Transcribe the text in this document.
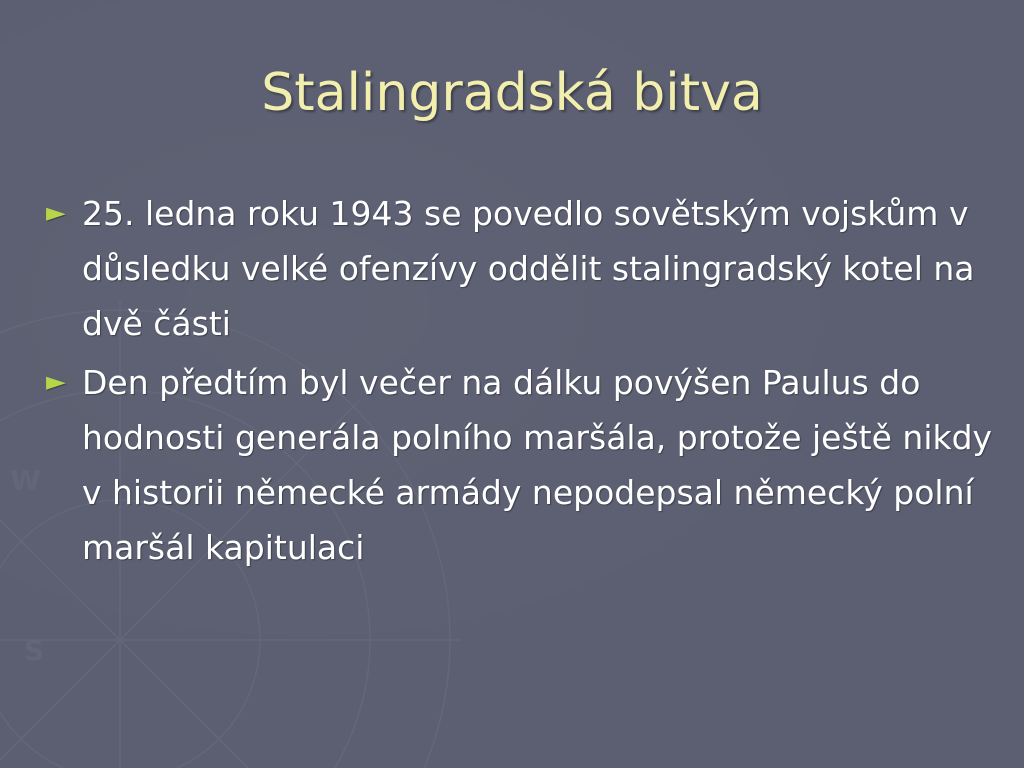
S
W
Stalingradská bitva
► 25. ledna roku 1943 se povedlo sovětským vojskům v důsledku velké ofenzívy oddělit stalingradský kotel na dvě části
► Den předtím byl večer na dálku povýšen Paulus do hodnosti generála polního maršála, protože ještě nikdy v historii německé armády nepodepsal německý polní maršál kapitulaci
